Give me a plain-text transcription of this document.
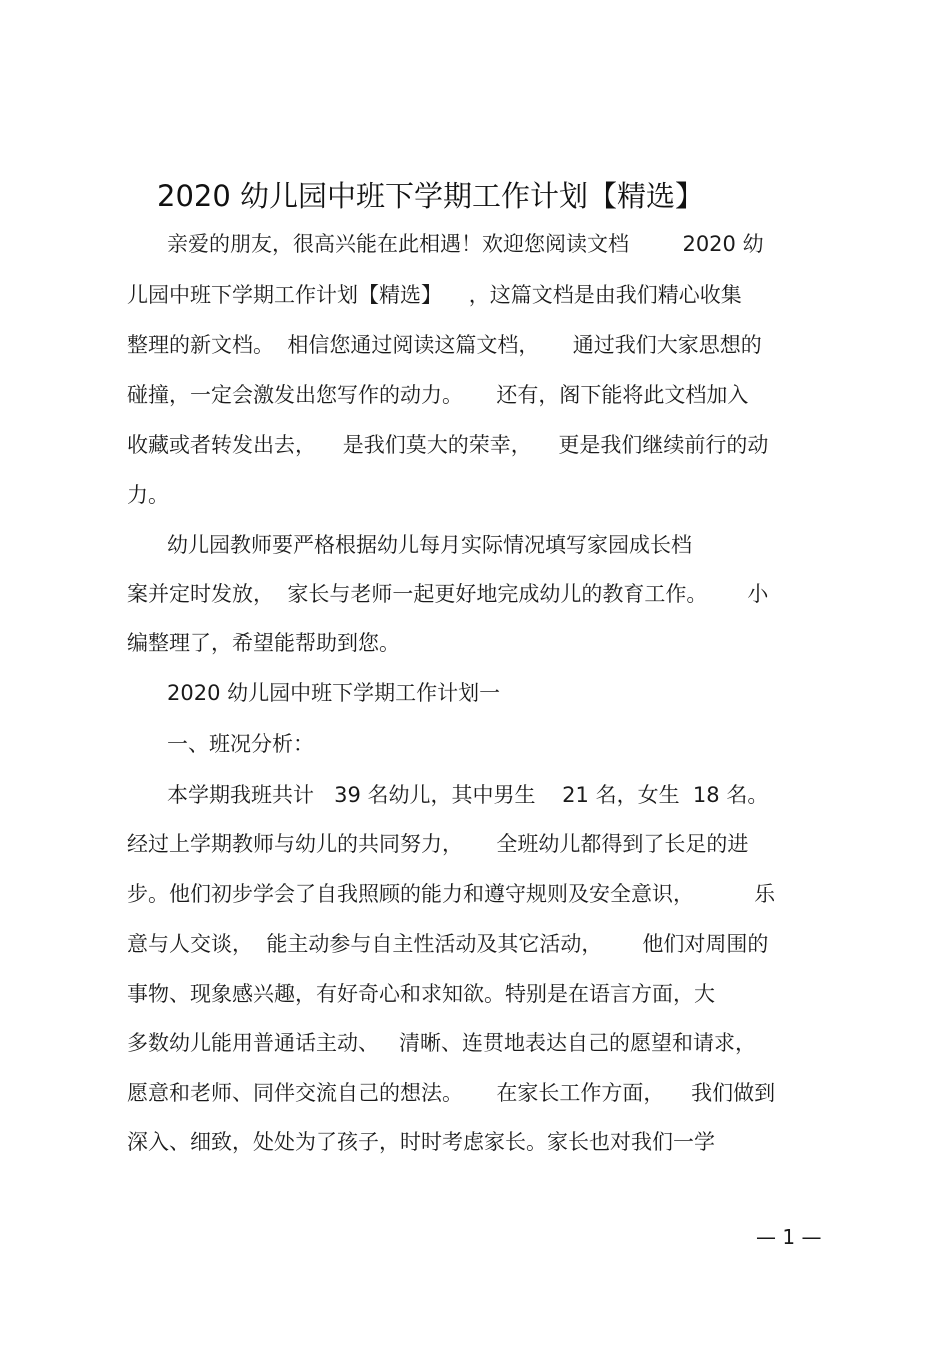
2020 幼儿园中班下学期工作计划【精选】
亲爱的朋友，很高兴能在此相遇！欢迎您阅读文档        2020 幼
儿园中班下学期工作计划【精选】    ，这篇文档是由我们精心收集
整理的新文档。  相信您通过阅读这篇文档，     通过我们大家思想的
碰撞，一定会激发出您写作的动力。     还有，阁下能将此文档加入
收藏或者转发出去，    是我们莫大的荣幸，    更是我们继续前行的动
力。
幼儿园教师要严格根据幼儿每月实际情况填写家园成长档
案并定时发放，  家长与老师一起更好地完成幼儿的教育工作。      小
编整理了，希望能帮助到您。
2020 幼儿园中班下学期工作计划一
一、班况分析：
本学期我班共计   39 名幼儿，其中男生    21 名，女生  18 名。
经过上学期教师与幼儿的共同努力，     全班幼儿都得到了长足的进
步。他们初步学会了自我照顾的能力和遵守规则及安全意识，         乐
意与人交谈，  能主动参与自主性活动及其它活动，      他们对周围的
事物、现象感兴趣，有好奇心和求知欲。特别是在语言方面，大
多数幼儿能用普通话主动、   清晰、连贯地表达自己的愿望和请求，
愿意和老师、同伴交流自己的想法。     在家长工作方面，    我们做到
深入、细致，处处为了孩子，时时考虑家长。家长也对我们一学
— 1 —
